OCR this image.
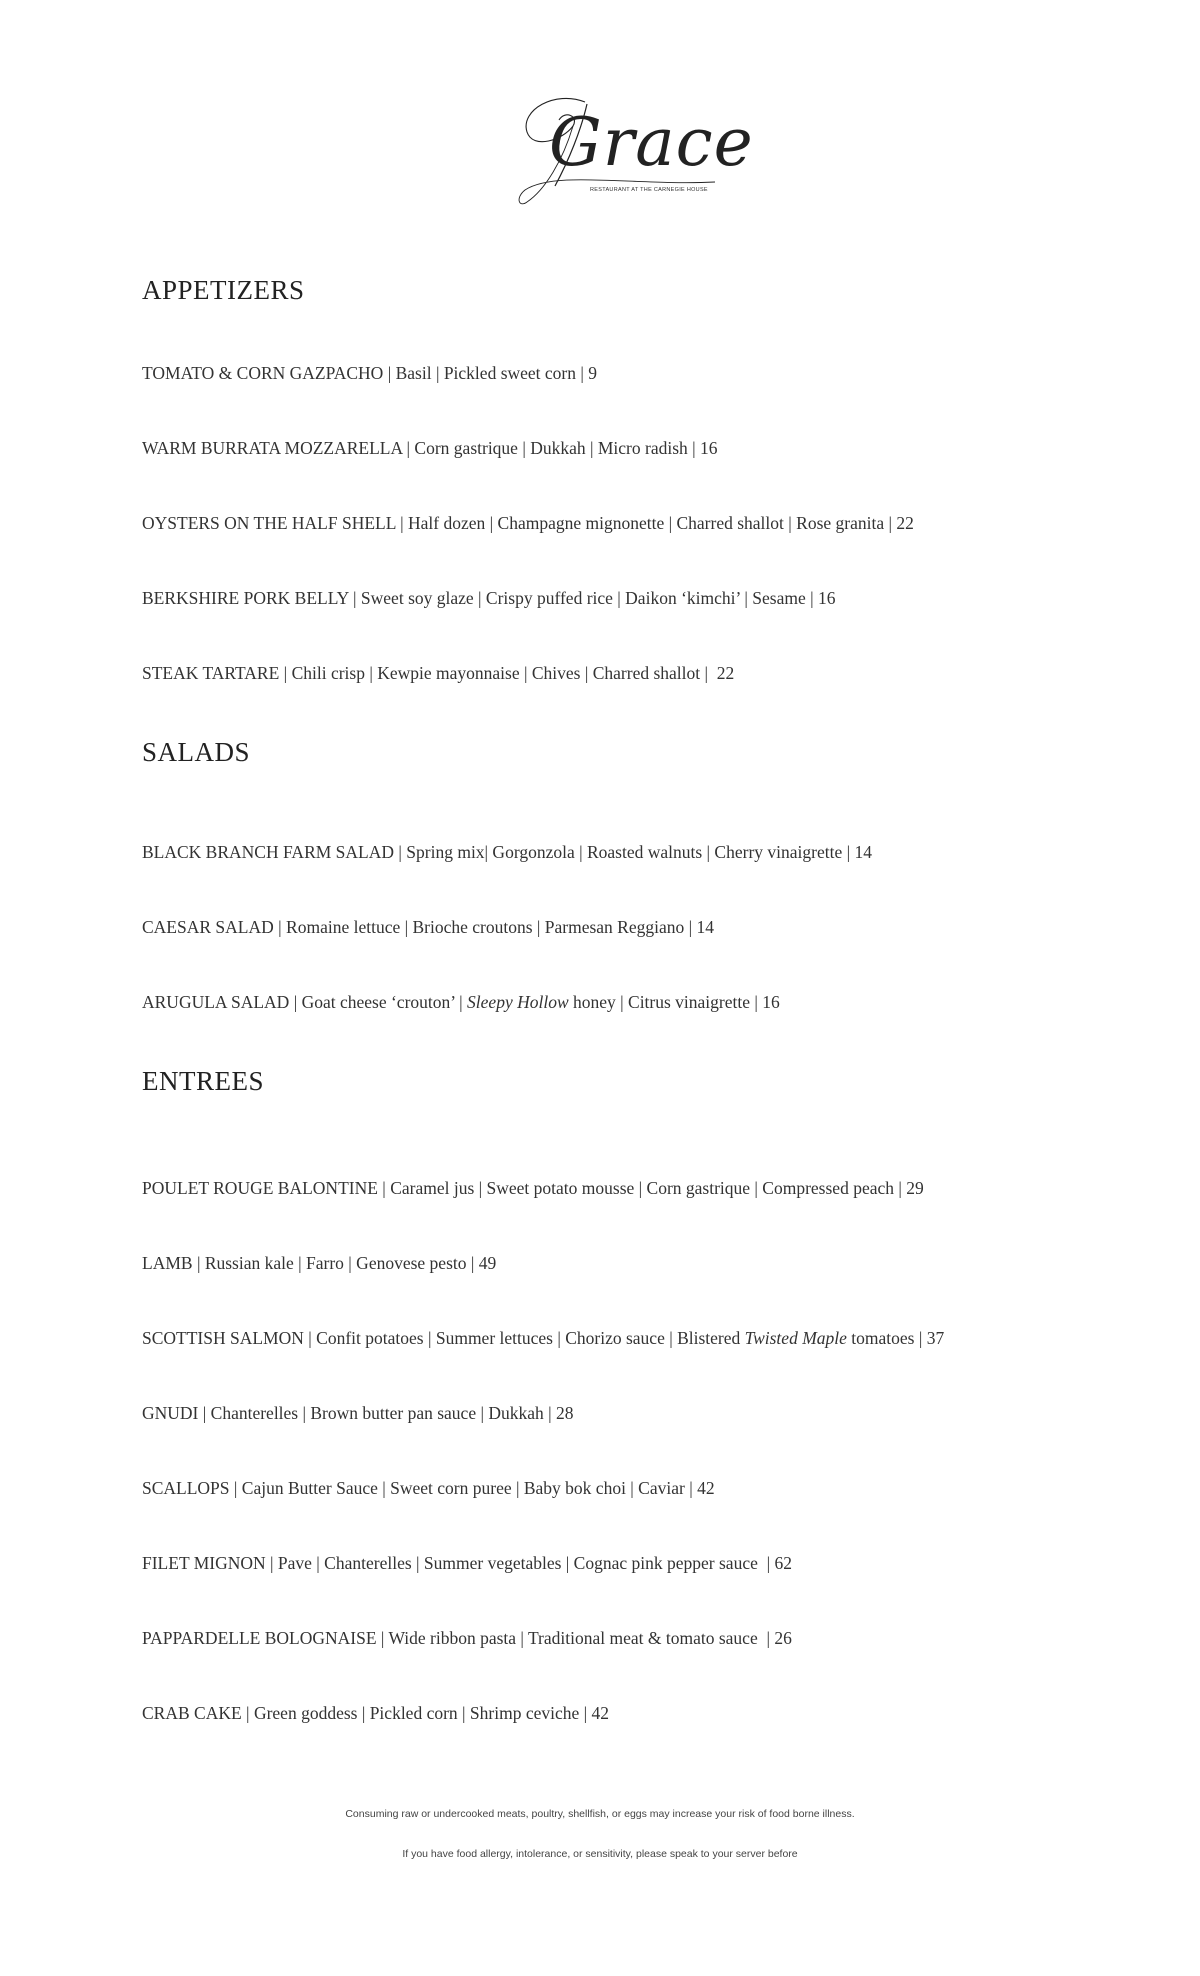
Grace
RESTAURANT AT THE CARNEGIE HOUSE
APPETIZERS
TOMATO & CORN GAZPACHO | Basil | Pickled sweet corn | 9
WARM BURRATA MOZZARELLA | Corn gastrique | Dukkah | Micro radish | 16
OYSTERS ON THE HALF SHELL | Half dozen | Champagne mignonette | Charred shallot | Rose granita | 22
BERKSHIRE PORK BELLY | Sweet soy glaze | Crispy puffed rice | Daikon ‘kimchi’ | Sesame | 16
STEAK TARTARE | Chili crisp | Kewpie mayonnaise | Chives | Charred shallot |  22
SALADS
BLACK BRANCH FARM SALAD | Spring mix| Gorgonzola | Roasted walnuts | Cherry vinaigrette | 14
CAESAR SALAD | Romaine lettuce | Brioche croutons | Parmesan Reggiano | 14
ARUGULA SALAD | Goat cheese ‘crouton’ | Sleepy Hollow honey | Citrus vinaigrette | 16
ENTREES
POULET ROUGE BALONTINE | Caramel jus | Sweet potato mousse | Corn gastrique | Compressed peach | 29
LAMB | Russian kale | Farro | Genovese pesto | 49
SCOTTISH SALMON | Confit potatoes | Summer lettuces | Chorizo sauce | Blistered Twisted Maple tomatoes | 37
GNUDI | Chanterelles | Brown butter pan sauce | Dukkah | 28
SCALLOPS | Cajun Butter Sauce | Sweet corn puree | Baby bok choi | Caviar | 42
FILET MIGNON | Pave | Chanterelles | Summer vegetables | Cognac pink pepper sauce  | 62
PAPPARDELLE BOLOGNAISE | Wide ribbon pasta | Traditional meat & tomato sauce  | 26
CRAB CAKE | Green goddess | Pickled corn | Shrimp ceviche | 42
Consuming raw or undercooked meats, poultry, shellfish, or eggs may increase your risk of food borne illness.
If you have food allergy, intolerance, or sensitivity, please speak to your server before
